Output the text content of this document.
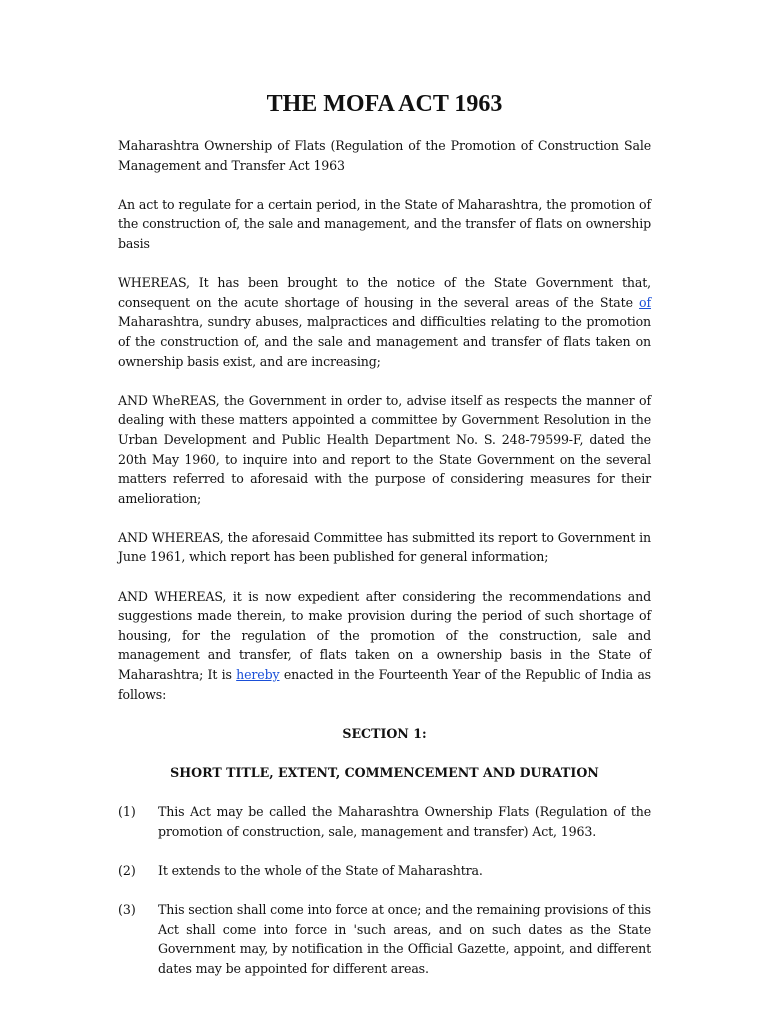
THE MOFA ACT 1963

Maharashtra Ownership of Flats (Regulation of the Promotion of Construction Sale Management and Transfer Act 1963

An act to regulate for a certain period, in the State of Maharashtra, the promotion of the construction of, the sale and management, and the transfer of flats on ownership basis

WHEREAS, It has been brought to the notice of the State Government that, consequent on the acute shortage of housing in the several areas of the State of Maharashtra, sundry abuses, malpractices and difficulties relating to the promotion of the construction of, and the sale and management and transfer of flats taken on ownership basis exist, and are increasing;

AND WheREAS, the Government in order to, advise itself as respects the manner of dealing with these matters appointed a committee by Government Resolution in the Urban Development and Public Health Department No. S. 248-79599-F, dated the 20th May 1960, to inquire into and report to the State Government on the several matters referred to aforesaid with the purpose of considering measures for their amelioration;

AND WHEREAS, the aforesaid Committee has submitted its report to Government in June 1961, which report has been published for general information;

AND WHEREAS, it is now expedient after considering the recommendations and suggestions made therein, to make provision during the period of such shortage of housing, for the regulation of the promotion of the construction, sale and management and transfer, of flats taken on a ownership basis in the State of Maharashtra; It is hereby enacted in the Fourteenth Year of the Republic of India as follows:

SECTION 1:
SHORT TITLE, EXTENT, COMMENCEMENT AND DURATION
(1)	This Act may be called the Maharashtra Ownership Flats (Regulation of the promotion of construction, sale, management and transfer) Act, 1963.
(2)	It extends to the whole of the State of Maharashtra.
(3)	This section shall come into force at once; and the remaining provisions of this Act shall come into force in 'such areas, and on such dates as the State Government may, by notification in the Official Gazette, appoint, and different dates may be appointed for different areas.
